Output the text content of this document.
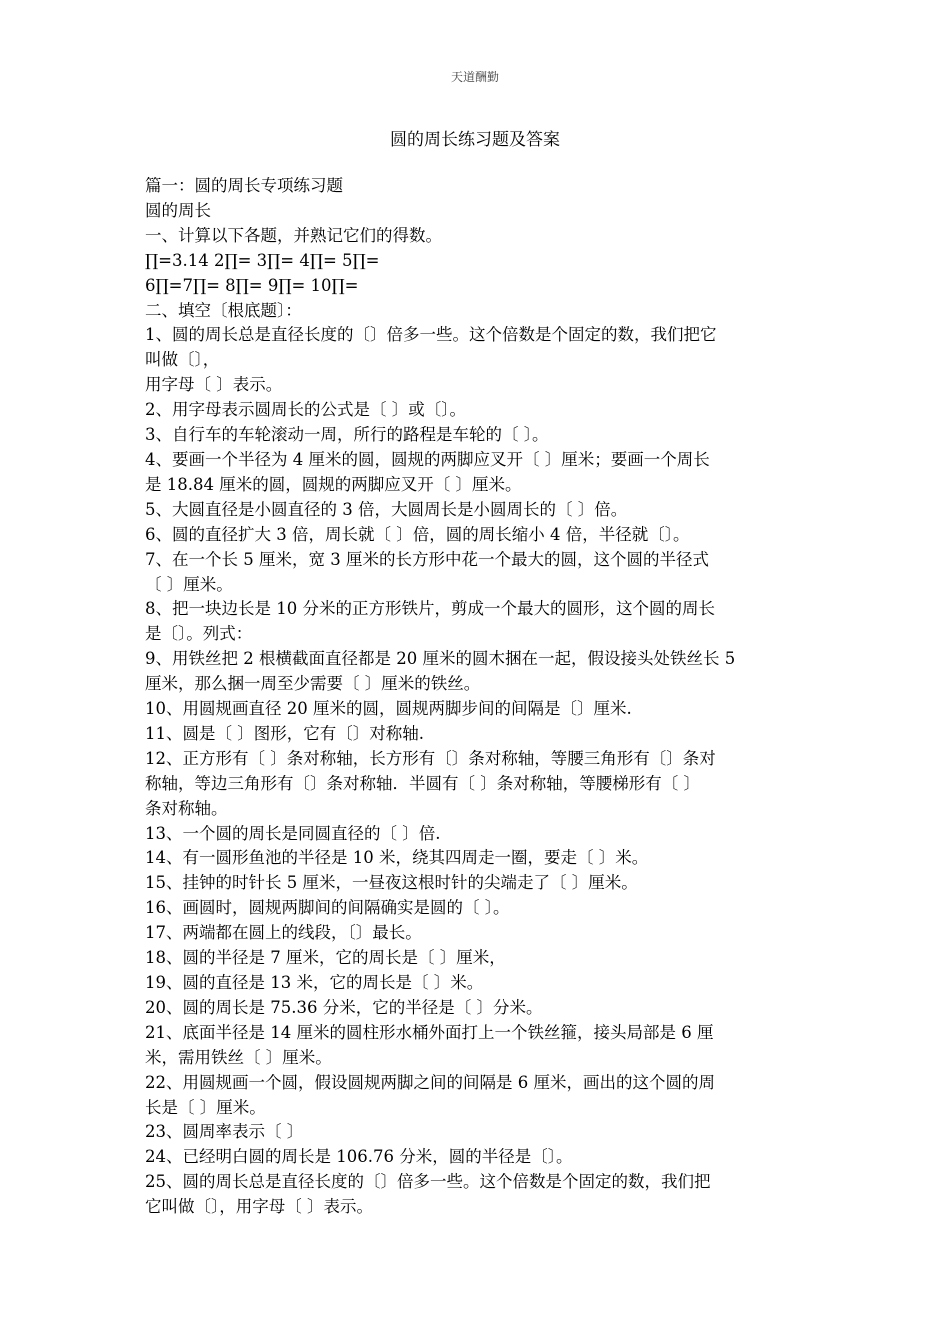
天道酬勤
圆的周长练习题及答案
篇一：圆的周长专项练习题
圆的周长
一、计算以下各题，并熟记它们的得数。
∏=3.14 2∏= 3∏= 4∏= 5∏=
6∏=7∏= 8∏= 9∏= 10∏=
二、填空〔根底题〕：
1、圆的周长总是直径长度的〔〕倍多一些。这个倍数是个固定的数，我们把它
叫做〔〕，
用字母〔 〕表示。
2、用字母表示圆周长的公式是〔 〕或〔〕。
3、自行车的车轮滚动一周，所行的路程是车轮的〔 〕。
4、要画一个半径为 4 厘米的圆，圆规的两脚应叉开〔 〕厘米；要画一个周长
是 18.84 厘米的圆，圆规的两脚应叉开〔 〕厘米。
5、大圆直径是小圆直径的 3 倍，大圆周长是小圆周长的〔 〕倍。
6、圆的直径扩大 3 倍，周长就〔 〕倍，圆的周长缩小 4 倍，半径就〔〕。
7、在一个长 5 厘米，宽 3 厘米的长方形中花一个最大的圆，这个圆的半径式
〔 〕厘米。
8、把一块边长是 10 分米的正方形铁片，剪成一个最大的圆形，这个圆的周长
是〔〕。列式：
9、用铁丝把 2 根横截面直径都是 20 厘米的圆木捆在一起，假设接头处铁丝长 5
厘米，那么捆一周至少需要〔 〕厘米的铁丝。
10、用圆规画直径 20 厘米的圆，圆规两脚步间的间隔是〔〕厘米.
11、圆是〔 〕图形，它有〔〕对称轴.
12、正方形有〔 〕条对称轴，长方形有〔〕条对称轴，等腰三角形有〔〕条对
称轴，等边三角形有〔〕条对称轴．半圆有〔 〕条对称轴，等腰梯形有〔 〕
条对称轴。
13、一个圆的周长是同圆直径的〔 〕倍.
14、有一圆形鱼池的半径是 10 米，绕其四周走一圈，要走〔 〕米。
15、挂钟的时针长 5 厘米，一昼夜这根时针的尖端走了〔 〕厘米。
16、画圆时，圆规两脚间的间隔确实是圆的〔 〕。
17、两端都在圆上的线段，〔〕最长。
18、圆的半径是 7 厘米，它的周长是〔 〕厘米，
19、圆的直径是 13 米，它的周长是〔 〕米。
20、圆的周长是 75.36 分米，它的半径是〔 〕分米。
21、底面半径是 14 厘米的圆柱形水桶外面打上一个铁丝箍，接头局部是 6 厘
米，需用铁丝〔 〕厘米。
22、用圆规画一个圆，假设圆规两脚之间的间隔是 6 厘米，画出的这个圆的周
长是〔 〕厘米。
23、圆周率表示〔 〕
24、已经明白圆的周长是 106.76 分米，圆的半径是〔〕。
25、圆的周长总是直径长度的〔〕倍多一些。这个倍数是个固定的数，我们把
它叫做〔〕，用字母〔 〕表示。
